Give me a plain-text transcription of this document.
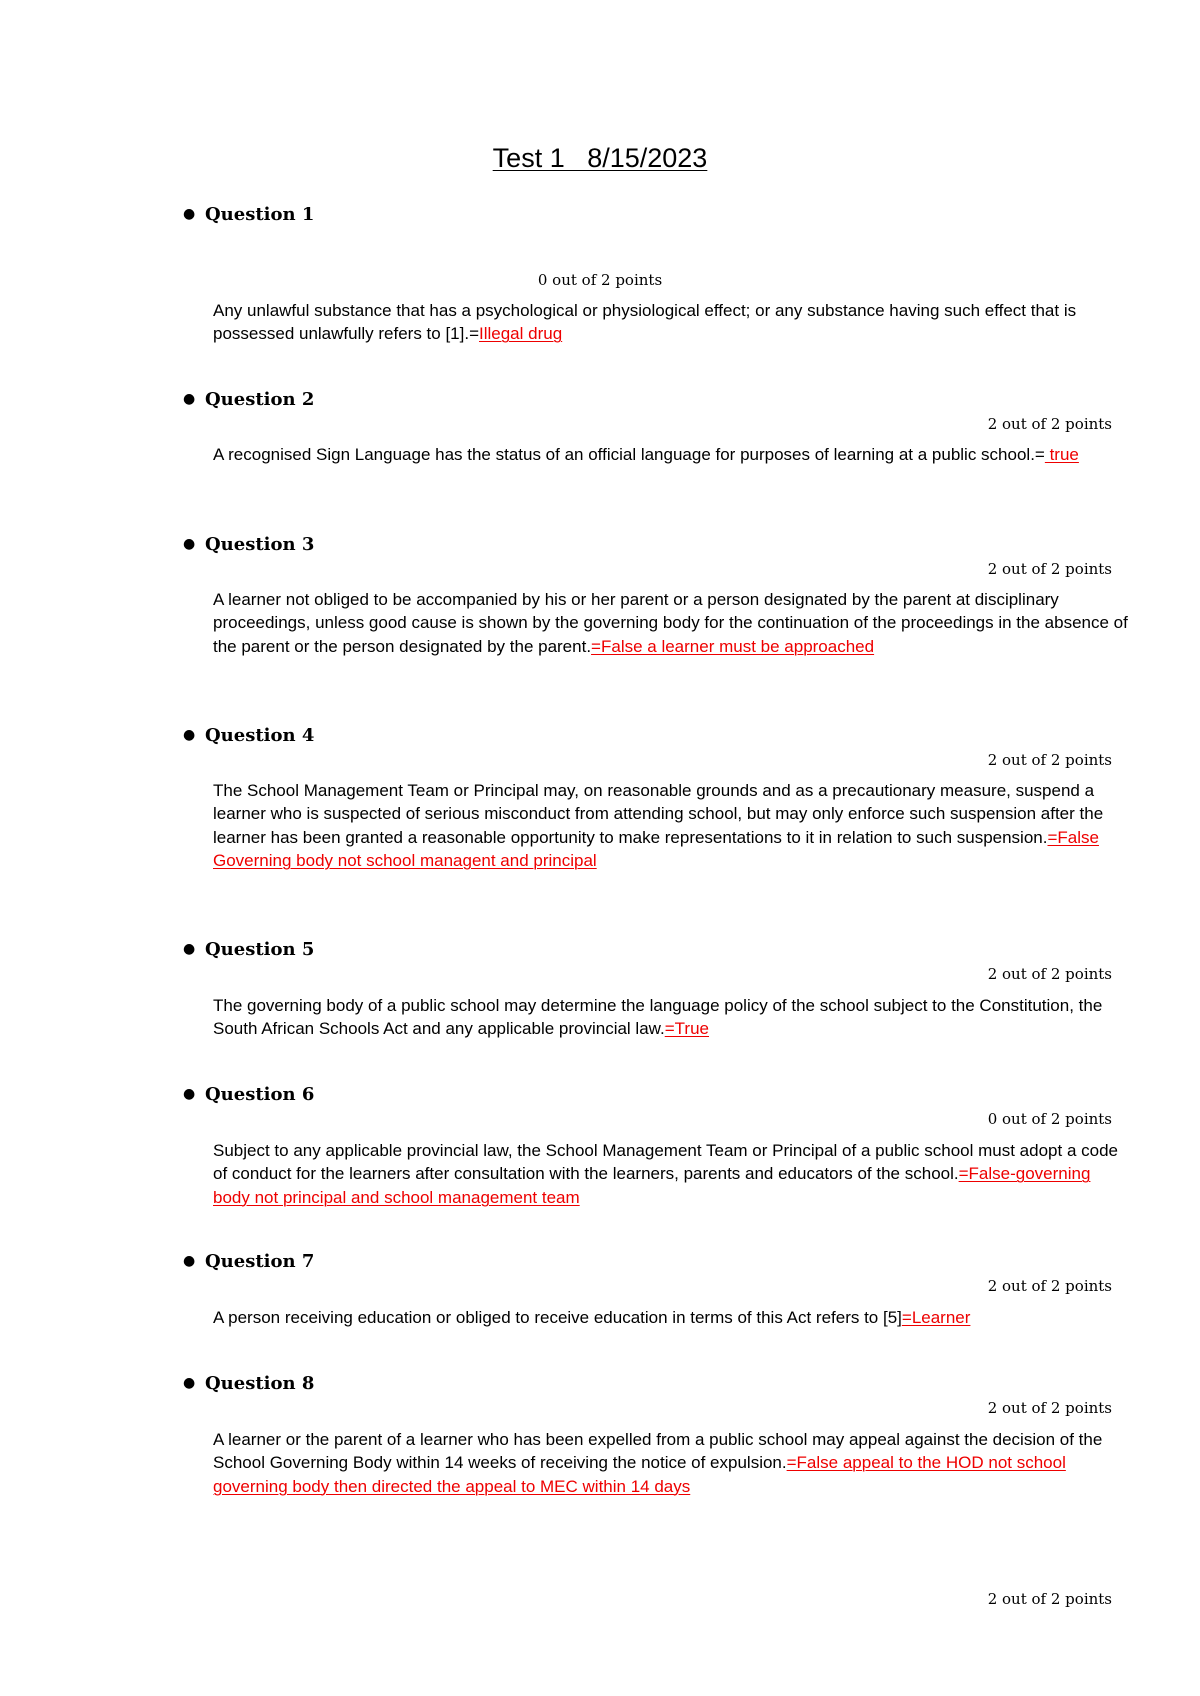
Test 1   8/15/2023
● Question 1
0 out of 2 points

Any unlawful substance that has a psychological or physiological effect; or any substance having such effect that is possessed unlawfully refers to [1].=Illegal drug

● Question 2
2 out of 2 points

A recognised Sign Language has the status of an official language for purposes of learning at a public school.= true

● Question 3
2 out of 2 points

A learner not obliged to be accompanied by his or her parent or a person designated by the parent at disciplinary proceedings, unless good cause is shown by the governing body for the continuation of the proceedings in the absence of the parent or the person designated by the parent.=False a learner must be approached

● Question 4
2 out of 2 points

The School Management Team or Principal may, on reasonable grounds and as a precautionary measure, suspend a learner who is suspected of serious misconduct from attending school, but may only enforce such suspension after the learner has been granted a reasonable opportunity to make representations to it in relation to such suspension.=False Governing body not school managent and principal

● Question 5
2 out of 2 points

The governing body of a public school may determine the language policy of the school subject to the Constitution, the South African Schools Act and any applicable provincial law.=True

● Question 6
0 out of 2 points

Subject to any applicable provincial law, the School Management Team or Principal of a public school must adopt a code of conduct for the learners after consultation with the learners, parents and educators of the school.=False-governing body not principal and school management team

● Question 7
2 out of 2 points

A person receiving education or obliged to receive education in terms of this Act refers to [5]=Learner

● Question 8
2 out of 2 points

A learner or the parent of a learner who has been expelled from a public school may appeal against the decision of the School Governing Body within 14 weeks of receiving the notice of expulsion.=False appeal to the HOD not school governing body then directed the appeal to MEC within 14 days

2 out of 2 points
